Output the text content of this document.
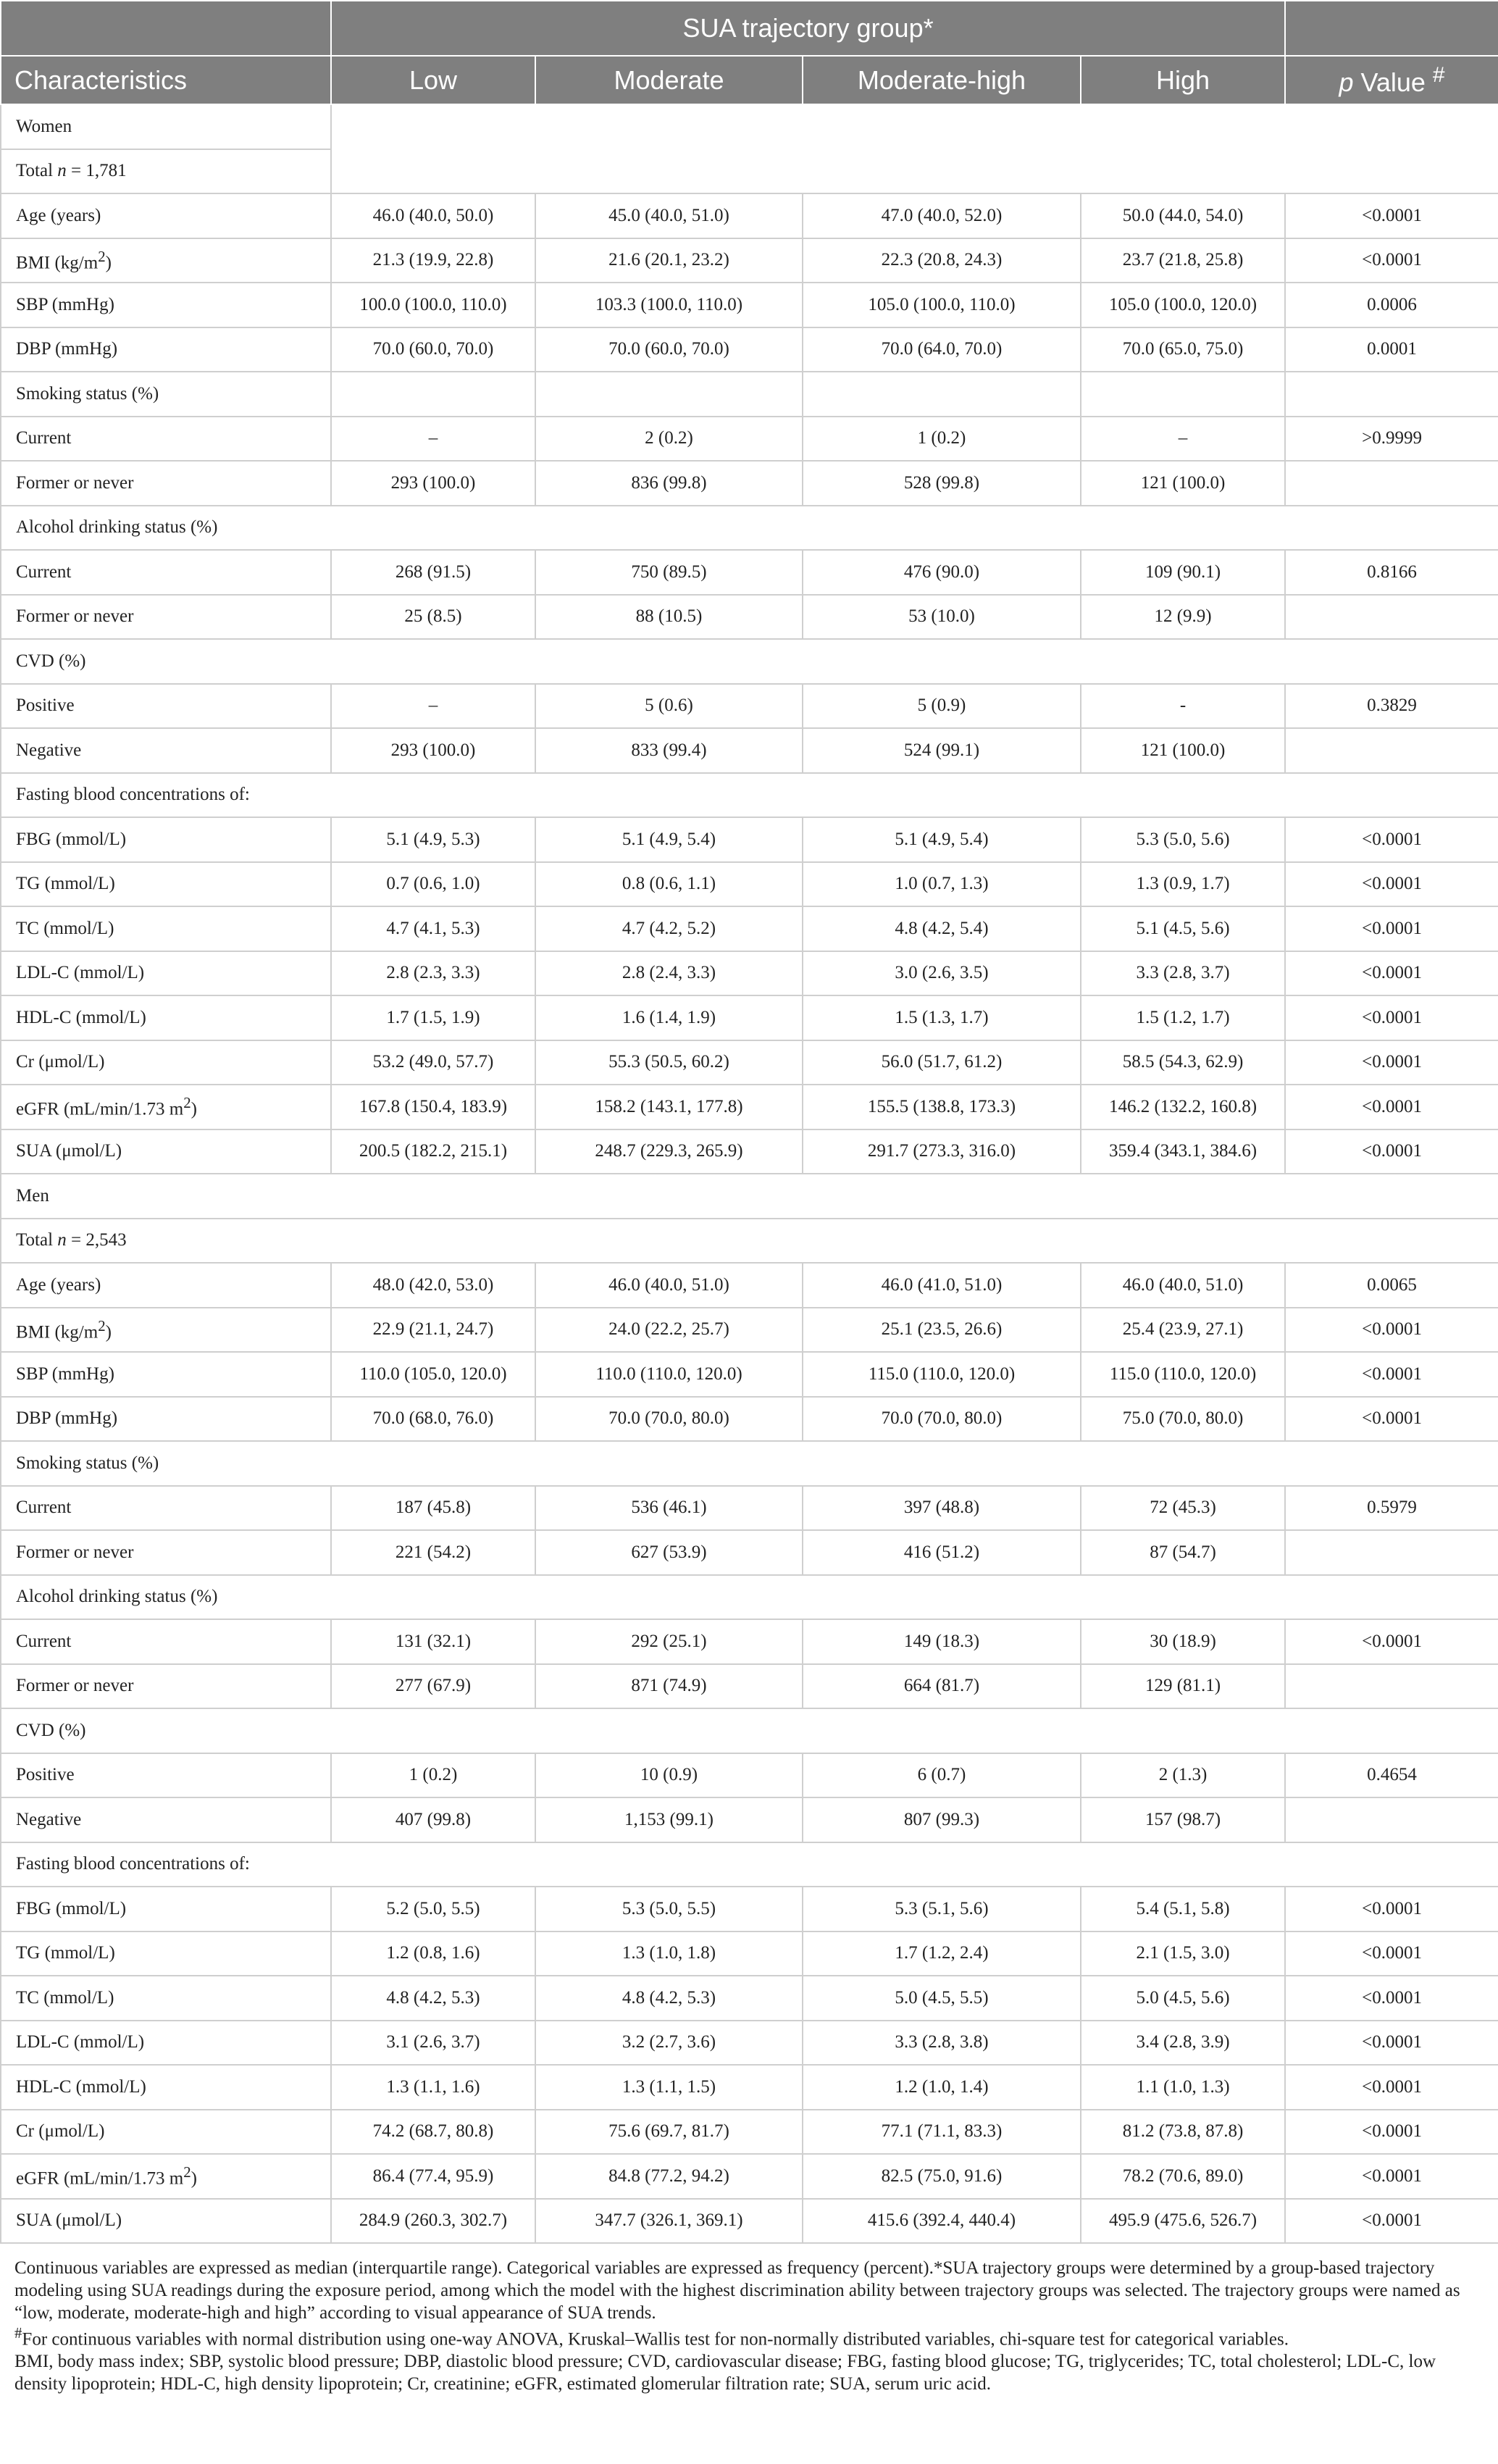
	SUA trajectory group*				
Characteristics	Low	Moderate	Moderate-high	High	p Value #
Women					
Total n = 1,781					
Age (years)	46.0 (40.0, 50.0)	45.0 (40.0, 51.0)	47.0 (40.0, 52.0)	50.0 (44.0, 54.0)	<0.0001
BMI $(kg/m^2)$	21.3 (19.9, 22.8)	21.6 (20.1, 23.2)	22.3 (20.8, 24.3)	23.7 (21.8, 25.8)	<0.0001
SBP (mmHg)	100.0 (100.0, 110.0)	103.3 (100.0, 110.0)	105.0 (100.0, 110.0)	105.0 (100.0, 120.0)	0.0006
DBP (mmHg)	70.0 (60.0, 70.0)	70.0 (60.0, 70.0)	70.0 (64.0, 70.0)	70.0 (65.0, 75.0)	0.0001
Smoking status (%)					
Current	–	2 (0.2)	1 (0.2)	–	>0.9999
Former or never	293 (100.0)	836 (99.8)	528 (99.8)	121 (100.0)	
Alcohol drinking status (%)					
Current	268 (91.5)	750 (89.5)	476 (90.0)	109 (90.1)	0.8166
Former or never	25 (8.5)	88 (10.5)	53 (10.0)	12 (9.9)	
CVD (%)					
Positive	–	5 (0.6)	5 (0.9)	-	0.3829
Negative	293 (100.0)	833 (99.4)	524 (99.1)	121 (100.0)	
Fasting blood concentrations of:					
FBG (mmol/L)	5.1 (4.9, 5.3)	5.1 (4.9, 5.4)	5.1 (4.9, 5.4)	5.3 (5.0, 5.6)	<0.0001
TG (mmol/L)	0.7 (0.6, 1.0)	0.8 (0.6, 1.1)	1.0 (0.7, 1.3)	1.3 (0.9, 1.7)	<0.0001
TC (mmol/L)	4.7 (4.1, 5.3)	4.7 (4.2, 5.2)	4.8 (4.2, 5.4)	5.1 (4.5, 5.6)	<0.0001
LDL-C (mmol/L)	2.8 (2.3, 3.3)	2.8 (2.4, 3.3)	3.0 (2.6, 3.5)	3.3 (2.8, 3.7)	<0.0001
HDL-C (mmol/L)	1.7 (1.5, 1.9)	1.6 (1.4, 1.9)	1.5 (1.3, 1.7)	1.5 (1.2, 1.7)	<0.0001
Cr (μmol/L)	53.2 (49.0, 57.7)	55.3 (50.5, 60.2)	56.0 (51.7, 61.2)	58.5 (54.3, 62.9)	<0.0001
eGFR (mL/min/1.73 $m^2$)	167.8 (150.4, 183.9)	158.2 (143.1, 177.8)	155.5 (138.8, 173.3)	146.2 (132.2, 160.8)	<0.0001
SUA (μmol/L)	200.5 (182.2, 215.1)	248.7 (229.3, 265.9)	291.7 (273.3, 316.0)	359.4 (343.1, 384.6)	<0.0001
Men					
Total n = 2,543					
Age (years)	48.0 (42.0, 53.0)	46.0 (40.0, 51.0)	46.0 (41.0, 51.0)	46.0 (40.0, 51.0)	0.0065
BMI $(kg/m^2)$	22.9 (21.1, 24.7)	24.0 (22.2, 25.7)	25.1 (23.5, 26.6)	25.4 (23.9, 27.1)	<0.0001
SBP (mmHg)	110.0 (105.0, 120.0)	110.0 (110.0, 120.0)	115.0 (110.0, 120.0)	115.0 (110.0, 120.0)	<0.0001
DBP (mmHg)	70.0 (68.0, 76.0)	70.0 (70.0, 80.0)	70.0 (70.0, 80.0)	75.0 (70.0, 80.0)	<0.0001
Smoking status (%)					
Current	187 (45.8)	536 (46.1)	397 (48.8)	72 (45.3)	0.5979
Former or never	221 (54.2)	627 (53.9)	416 (51.2)	87 (54.7)	
Alcohol drinking status (%)					
Current	131 (32.1)	292 (25.1)	149 (18.3)	30 (18.9)	<0.0001
Former or never	277 (67.9)	871 (74.9)	664 (81.7)	129 (81.1)	
CVD (%)					
Positive	1 (0.2)	10 (0.9)	6 (0.7)	2 (1.3)	0.4654
Negative	407 (99.8)	1,153 (99.1)	807 (99.3)	157 (98.7)	
Fasting blood concentrations of:					
FBG (mmol/L)	5.2 (5.0, 5.5)	5.3 (5.0, 5.5)	5.3 (5.1, 5.6)	5.4 (5.1, 5.8)	<0.0001
TG (mmol/L)	1.2 (0.8, 1.6)	1.3 (1.0, 1.8)	1.7 (1.2, 2.4)	2.1 (1.5, 3.0)	<0.0001
TC (mmol/L)	4.8 (4.2, 5.3)	4.8 (4.2, 5.3)	5.0 (4.5, 5.5)	5.0 (4.5, 5.6)	<0.0001
LDL-C (mmol/L)	3.1 (2.6, 3.7)	3.2 (2.7, 3.6)	3.3 (2.8, 3.8)	3.4 (2.8, 3.9)	<0.0001
HDL-C (mmol/L)	1.3 (1.1, 1.6)	1.3 (1.1, 1.5)	1.2 (1.0, 1.4)	1.1 (1.0, 1.3)	<0.0001
Cr (μmol/L)	74.2 (68.7, 80.8)	75.6 (69.7, 81.7)	77.1 (71.1, 83.3)	81.2 (73.8, 87.8)	<0.0001
eGFR (mL/min/1.73 $m^2$)	86.4 (77.4, 95.9)	84.8 (77.2, 94.2)	82.5 (75.0, 91.6)	78.2 (70.6, 89.0)	<0.0001
SUA (μmol/L)	284.9 (260.3, 302.7)	347.7 (326.1, 369.1)	415.6 (392.4, 440.4)	495.9 (475.6, 526.7)	<0.0001

Continuous variables are expressed as median (interquartile range). Categorical variables are expressed as frequency (percent).*SUA trajectory groups were determined by a group-based trajectory modeling using SUA readings during the exposure period, among which the model with the highest discrimination ability between trajectory groups was selected. The trajectory groups were named as “low, moderate, moderate-high and high” according to visual appearance of SUA trends.

#For continuous variables with normal distribution using one-way ANOVA, Kruskal–Wallis test for non-normally distributed variables, chi-square test for categorical variables.

BMI, body mass index; SBP, systolic blood pressure; DBP, diastolic blood pressure; CVD, cardiovascular disease; FBG, fasting blood glucose; TG, triglycerides; TC, total cholesterol; LDL-C, low density lipoprotein; HDL-C, high density lipoprotein; Cr, creatinine; eGFR, estimated glomerular filtration rate; SUA, serum uric acid.
